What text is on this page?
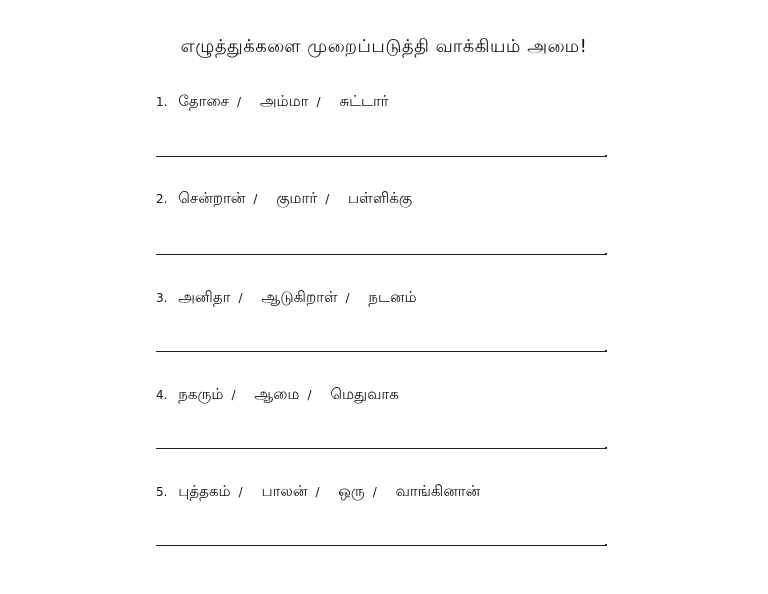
எழுத்துக்களை முறைப்படுத்தி வாக்கியம் அமை!
1. தோசை / அம்மா / சுட்டார்
2. சென்றான் / குமார் / பள்ளிக்கு
3. அனிதா / ஆடுகிறாள் / நடனம்
4. நகரும் / ஆமை / மெதுவாக
5. புத்தகம் / பாலன் / ஒரு / வாங்கினான்
